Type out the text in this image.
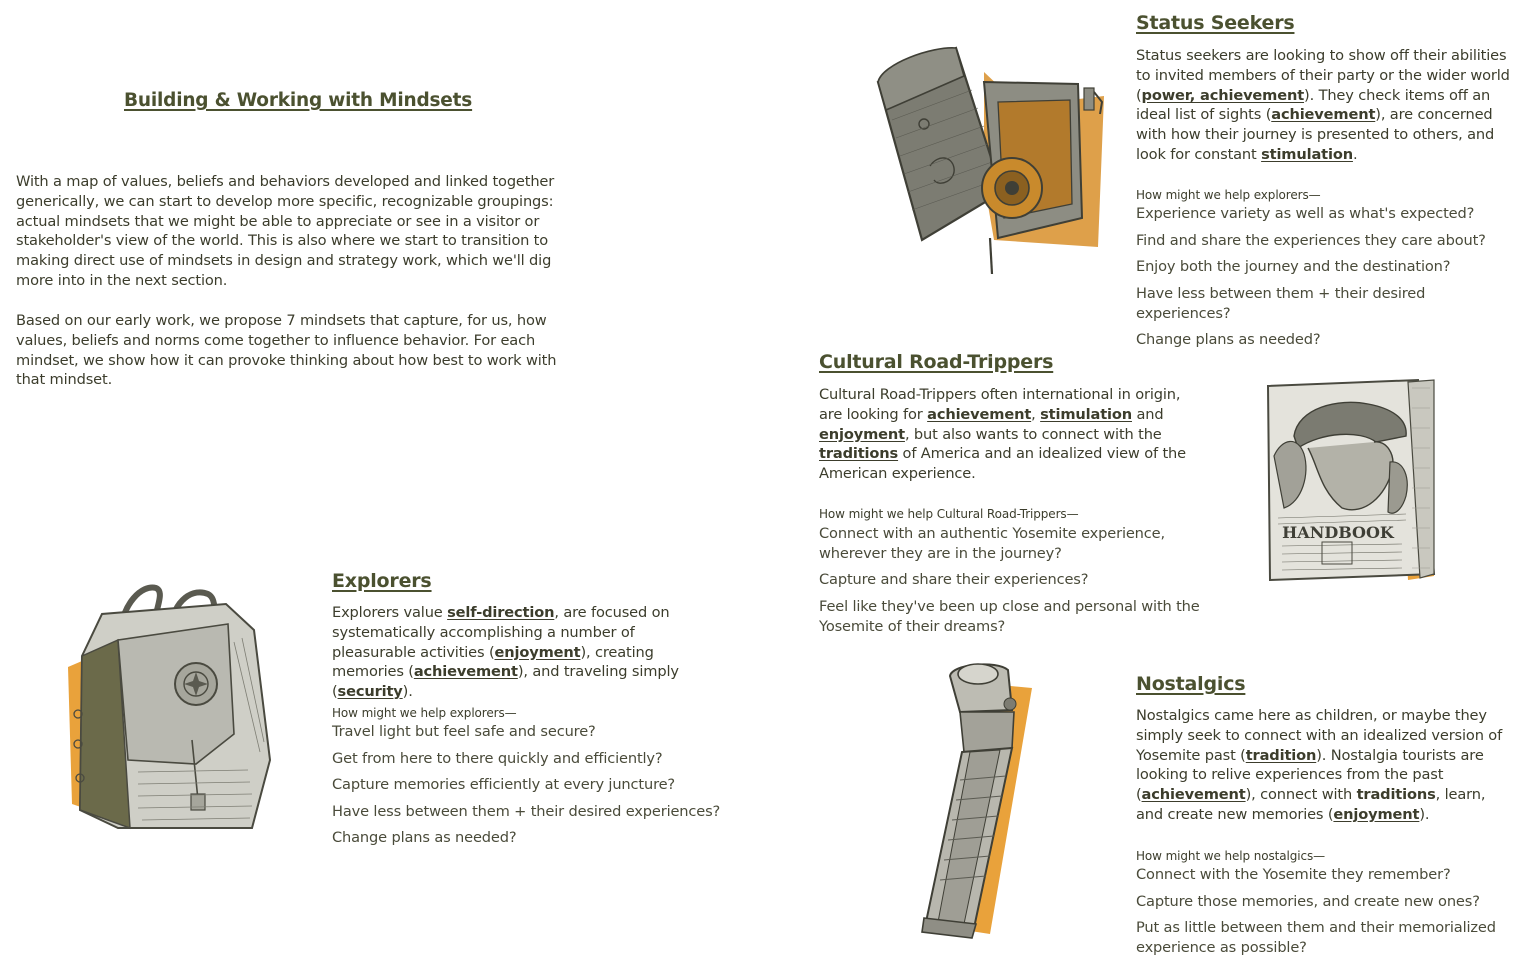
Building & Working with Mindsets

With a map of values, beliefs and behaviors developed and linked together generically, we can start to develop more specific, recognizable groupings: actual mindsets that we might be able to appreciate or see in a visitor or stakeholder's view of the world. This is also where we start to transition to making direct use of mindsets in design and strategy work, which we'll dig more into in the next section.

Based on our early work, we propose 7 mindsets that capture, for us, how values, beliefs and norms come together to influence behavior. For each mindset, we show how it can provoke thinking about how best to work with that mindset.

Explorers

Explorers value self-direction, are focused on systematically accomplishing a number of pleasurable activities (enjoyment), creating memories (achievement), and traveling simply (security).

How might we help explorers—

Travel light but feel safe and secure?
Get from here to there quickly and efficiently?
Capture memories efficiently at every juncture?
Have less between them + their desired experiences?
Change plans as needed?
Status Seekers

Status seekers are looking to show off their abilities to invited members of their party or the wider world (power, achievement). They check items off an ideal list of sights (achievement), are concerned with how their journey is presented to others, and look for constant stimulation.

How might we help explorers—

Experience variety as well as what's expected?
Find and share the experiences they care about?
Enjoy both the journey and the destination?
Have less between them + their desired experiences?
Change plans as needed?
Cultural Road-Trippers

Cultural Road-Trippers often international in origin, are looking for achievement, stimulation and enjoyment, but also wants to connect with the traditions of America and an idealized view of the American experience.

How might we help Cultural Road-Trippers—

Connect with an authentic Yosemite experience, wherever they are in the journey?
Capture and share their experiences?
Feel like they've been up close and personal with the Yosemite of their dreams?
HANDBOOK
Nostalgics

Nostalgics came here as children, or maybe they simply seek to connect with an idealized version of Yosemite past (tradition). Nostalgia tourists are looking to relive experiences from the past (achievement), connect with traditions, learn, and create new memories (enjoyment).

How might we help nostalgics—

Connect with the Yosemite they remember?
Capture those memories, and create new ones?
Put as little between them and their memorialized experience as possible?
